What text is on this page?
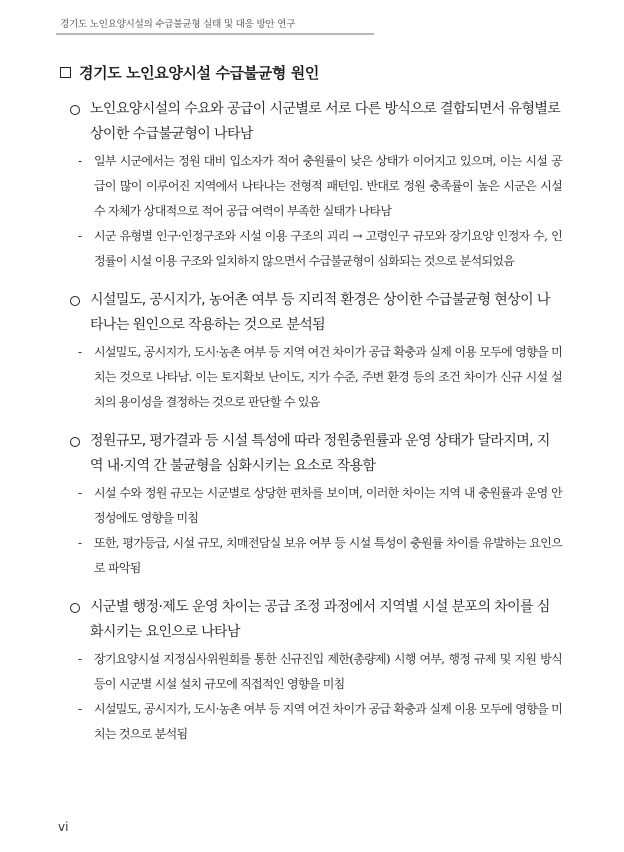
경기도 노인요양시설의 수급불균형 실태 및 대응 방안 연구
경기도 노인요양시설 수급불균형 원인
노인요양시설의 수요와 공급이 시군별로 서로 다른 방식으로 결합되면서 유형별로 상이한 수급불균형이 나타남
-	일부 시군에서는 정원 대비 입소자가 적어 충원률이 낮은 상태가 이어지고 있으며, 이는 시설 공급이 많이 이루어진 지역에서 나타나는 전형적 패턴임. 반대로 정원 충족률이 높은 시군은 시설 수 자체가 상대적으로 적어 공급 여력이 부족한 실태가 나타남
-	시군 유형별 인구·인정구조와 시설 이용 구조의 괴리 → 고령인구 규모와 장기요양 인정자 수, 인정률이 시설 이용 구조와 일치하지 않으면서 수급불균형이 심화되는 것으로 분석되었음
시설밀도, 공시지가, 농어촌 여부 등 지리적 환경은 상이한 수급불균형 현상이 나타나는 원인으로 작용하는 것으로 분석됨
-	시설밀도, 공시지가, 도시·농촌 여부 등 지역 여건 차이가 공급 확충과 실제 이용 모두에 영향을 미치는 것으로 나타남. 이는 토지확보 난이도, 지가 수준, 주변 환경 등의 조건 차이가 신규 시설 설치의 용이성을 결정하는 것으로 판단할 수 있음
정원규모, 평가결과 등 시설 특성에 따라 정원충원률과 운영 상태가 달라지며, 지역 내·지역 간 불균형을 심화시키는 요소로 작용함
-	시설 수와 정원 규모는 시군별로 상당한 편차를 보이며, 이러한 차이는 지역 내 충원률과 운영 안정성에도 영향을 미침
-	또한, 평가등급, 시설 규모, 치매전담실 보유 여부 등 시설 특성이 충원률 차이를 유발하는 요인으로 파악됨
시군별 행정·제도 운영 차이는 공급 조정 과정에서 지역별 시설 분포의 차이를 심화시키는 요인으로 나타남
-	장기요양시설 지정심사위원회를 통한 신규진입 제한(총량제) 시행 여부, 행정 규제 및 지원 방식 등이 시군별 시설 설치 규모에 직접적인 영향을 미침
-	시설밀도, 공시지가, 도시·농촌 여부 등 지역 여건 차이가 공급 확충과 실제 이용 모두에 영향을 미치는 것으로 분석됨
vi
